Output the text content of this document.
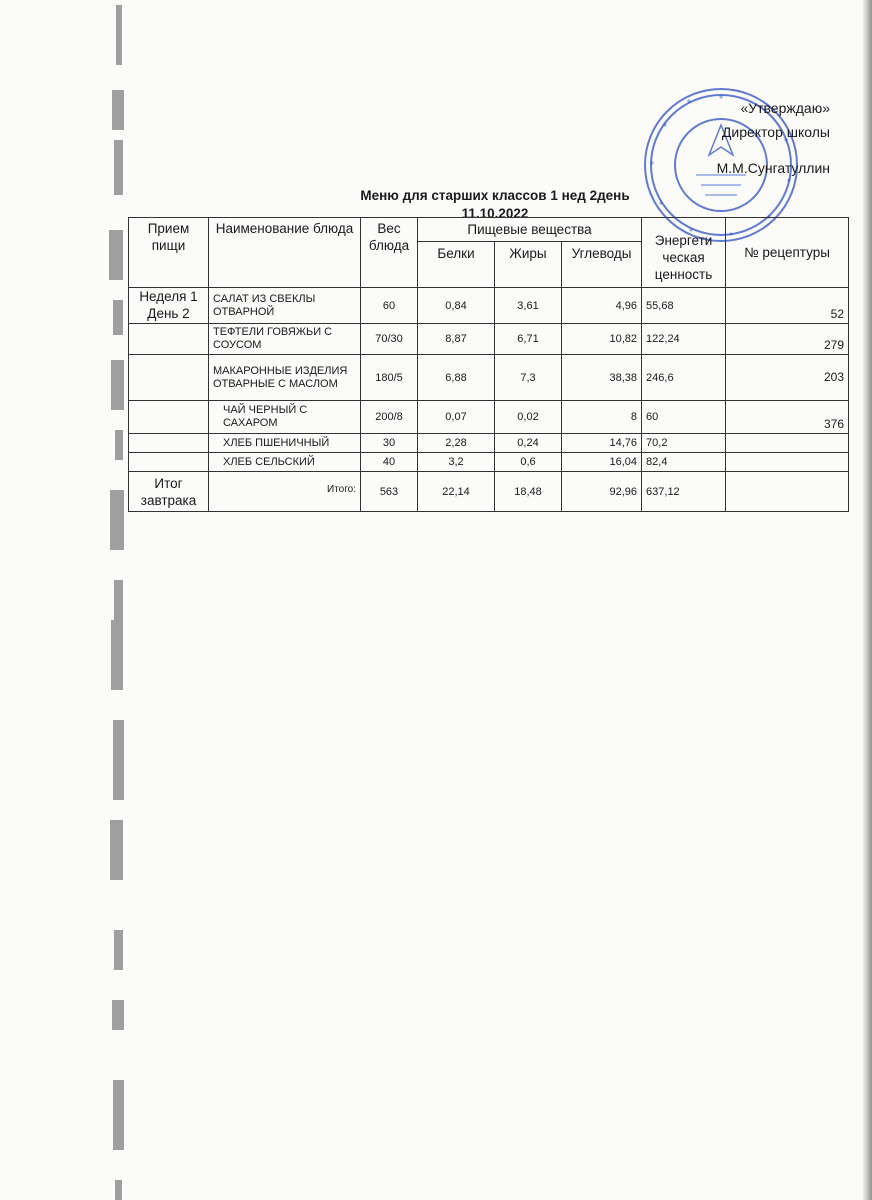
«Утверждаю»
Директор школы
М.М.Сунгатуллин
Меню для старших классов 1 нед 2день
11.10.2022
Прием пищи	Наименование блюда	Вес блюда	Пищевые вещества			Энергети ческая ценность	№ рецептуры
			Белки	Жиры	Углеводы		
Неделя 1 День 2	САЛАТ ИЗ СВЕКЛЫ ОТВАРНОЙ	60	0,84	3,61	4,96	55,68	52
	ТЕФТЕЛИ ГОВЯЖЬИ С СОУСОМ	70/30	8,87	6,71	10,82	122,24	279
	МАКАРОННЫЕ ИЗДЕЛИЯ ОТВАРНЫЕ С МАСЛОМ	180/5	6,88	7,3	38,38	246,6	203
	ЧАЙ ЧЕРНЫЙ С САХАРОМ	200/8	0,07	0,02	8	60	376
	ХЛЕБ ПШЕНИЧНЫЙ	30	2,28	0,24	14,76	70,2	
	ХЛЕБ СЕЛЬСКИЙ	40	3,2	0,6	16,04	82,4	
Итог завтрака	Итого:	563	22,14	18,48	92,96	637,12	
